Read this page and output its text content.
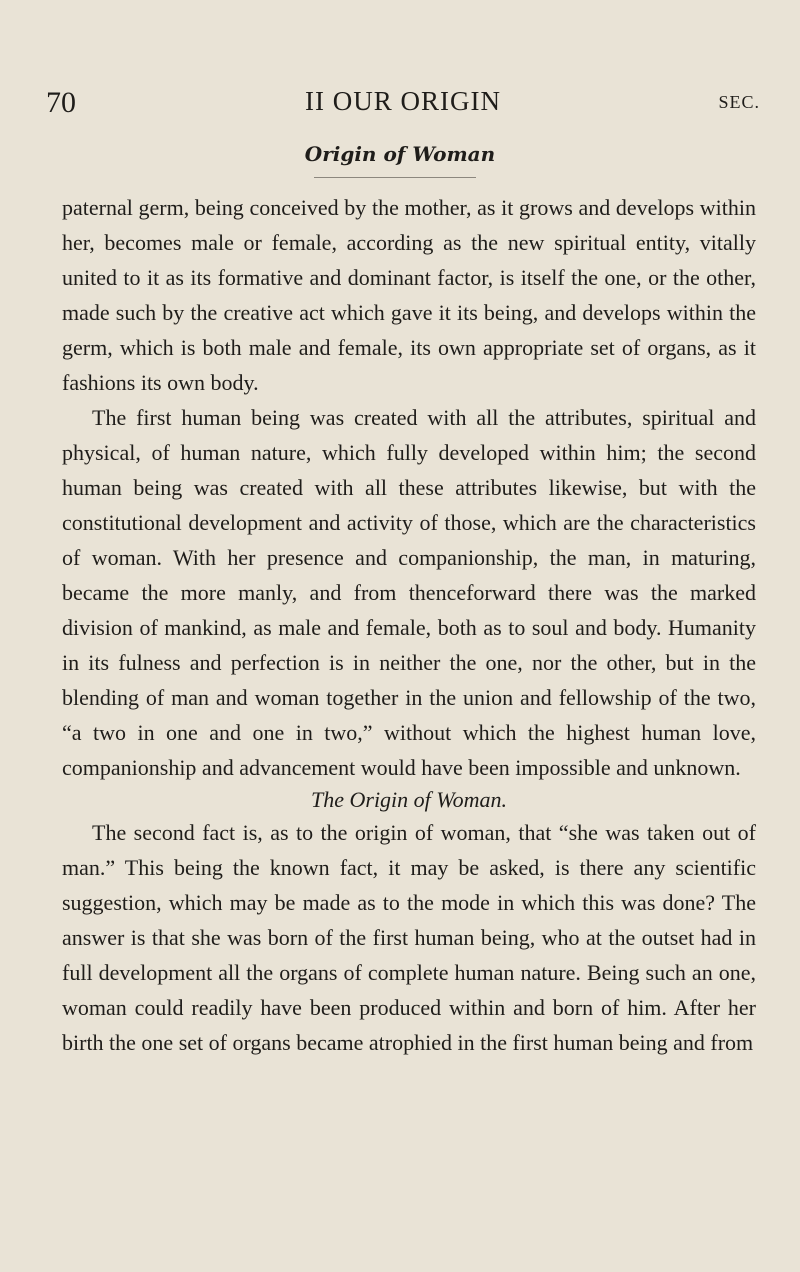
70	II OUR ORIGIN	SEC.
Origin of Woman

paternal germ, being conceived by the mother, as it grows and develops within her, becomes male or female, according as the new spiritual entity, vitally united to it as its formative and dominant factor, is itself the one, or the other, made such by the creative act which gave it its being, and develops within the germ, which is both male and female, its own appropriate set of organs, as it fashions its own body.

The first human being was created with all the attributes, spiritual and physical, of human nature, which fully developed within him; the second human being was created with all these attributes likewise, but with the constitutional development and activity of those, which are the characteristics of woman. With her presence and companionship, the man, in maturing, became the more manly, and from thenceforward there was the marked division of mankind, as male and female, both as to soul and body. Humanity in its fulness and perfection is in neither the one, nor the other, but in the blending of man and woman together in the union and fellowship of the two, “a two in one and one in two,” without which the highest human love, companionship and advancement would have been impossible and unknown.

The Origin of Woman.

The second fact is, as to the origin of woman, that “she was taken out of man.” This being the known fact, it may be asked, is there any scientific suggestion, which may be made as to the mode in which this was done? The answer is that she was born of the first human being, who at the outset had in full development all the organs of complete human nature. Being such an one, woman could readily have been produced within and born of him. After her birth the one set of organs became atrophied in the first human being and from
